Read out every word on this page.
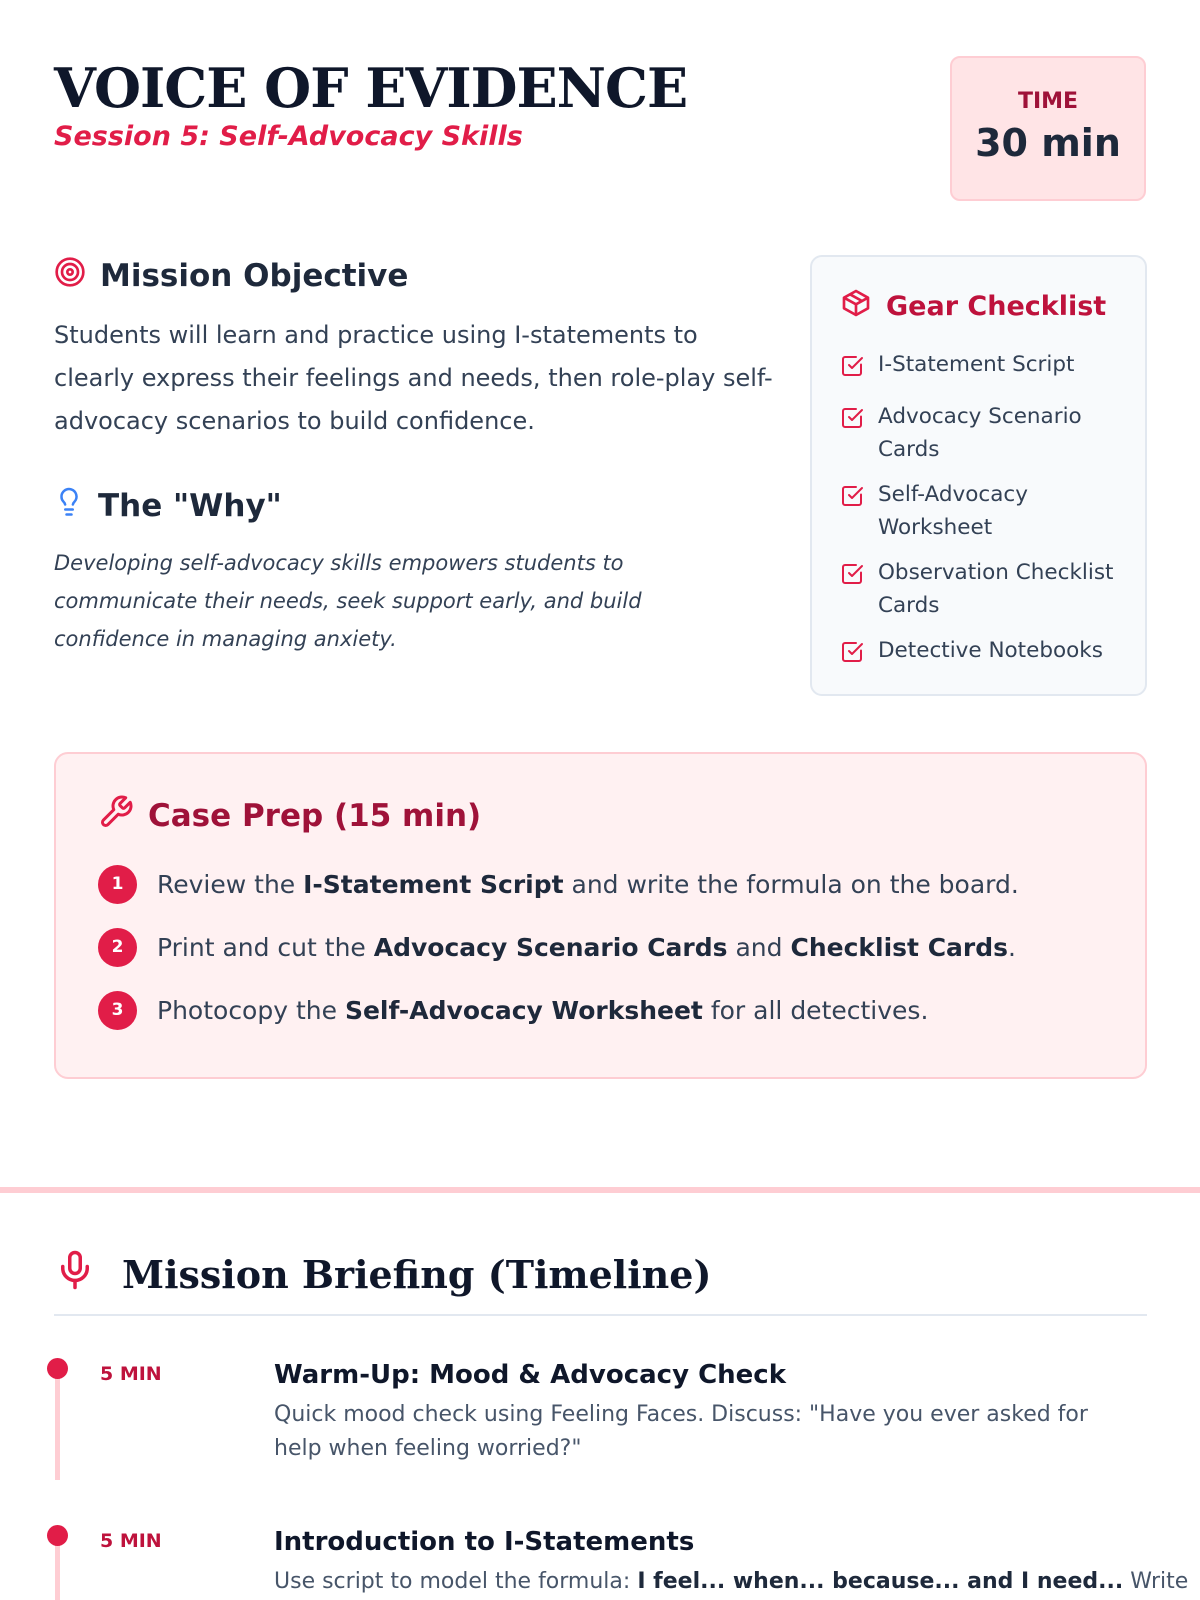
VOICE OF EVIDENCE
Session 5: Self-Advocacy Skills
TIME
30 min
Mission Objective

Students will learn and practice using I-statements to clearly express their feelings and needs, then role-play self-advocacy scenarios to build confidence.

The "Why"

Developing self-advocacy skills empowers students to communicate their needs, seek support early, and build confidence in managing anxiety.

Gear Checklist
I-Statement Script
Advocacy Scenario Cards
Self-Advocacy Worksheet
Observation Checklist Cards
Detective Notebooks
Case Prep (15 min)
1	Review the I-Statement Script and write the formula on the board.
2	Print and cut the Advocacy Scenario Cards and Checklist Cards.
3	Photocopy the Self-Advocacy Worksheet for all detectives.
Mission Briefing (Timeline)
5 MIN	Warm-Up: Mood & Advocacy Check
Quick mood check using Feeling Faces. Discuss: "Have you ever asked for help when feeling worried?"
5 MIN	Introduction to I-Statements
Use script to model the formula: I feel... when... because... and I need... Write
